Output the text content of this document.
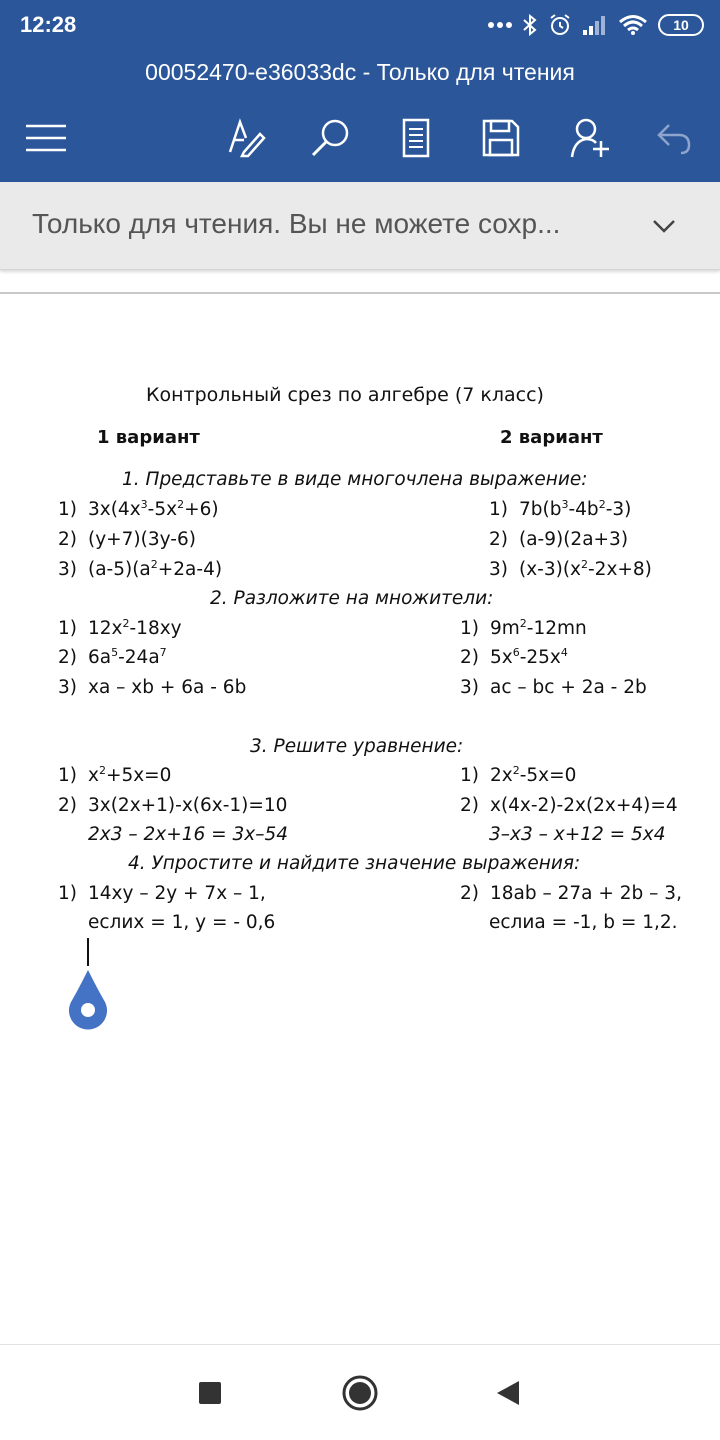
12:28	10
00052470-e36033dc - Только для чтения
Только для чтения. Вы не можете сохр...
Контрольный срез по алгебре (7 класс)
1 вариант	2 вариант
1. Представьте в виде многочлена выражение:
1) $3x(4x^3-5x^2+6)$
2) (y+7)(3y-6)
3) $(a-5)(a^2+2a-4)$
1) $7b(b^3-4b^2-3)$
2) (a-9)(2a+3)
3) $(x-3)(x^2-2x+8)$
2. Разложите на множители:
1) $12x^2-18xy$
2) $6a^5-24a^7$
3) xa – xb + 6a - 6b
1) $9m^2-12mn$
2) $5x^6-25x^4$
3) ac – bc + 2a - 2b
3. Решите уравнение:
1) $x^2+5x=0$
2) 3x(2x+1)-x(6x-1)=10
2x3 – 2x+16 = 3x–54
1) $2x^2-5x=0$
2) x(4x-2)-2x(2x+4)=4
3–x3 – x+12 = 5x4
4. Упростите и найдите значение выражения:
1) 14xy – 2y + 7x – 1,
еслих = 1, y = - 0,6
2) 18ab – 27a + 2b – 3,
еслиа = -1, b = 1,2.
